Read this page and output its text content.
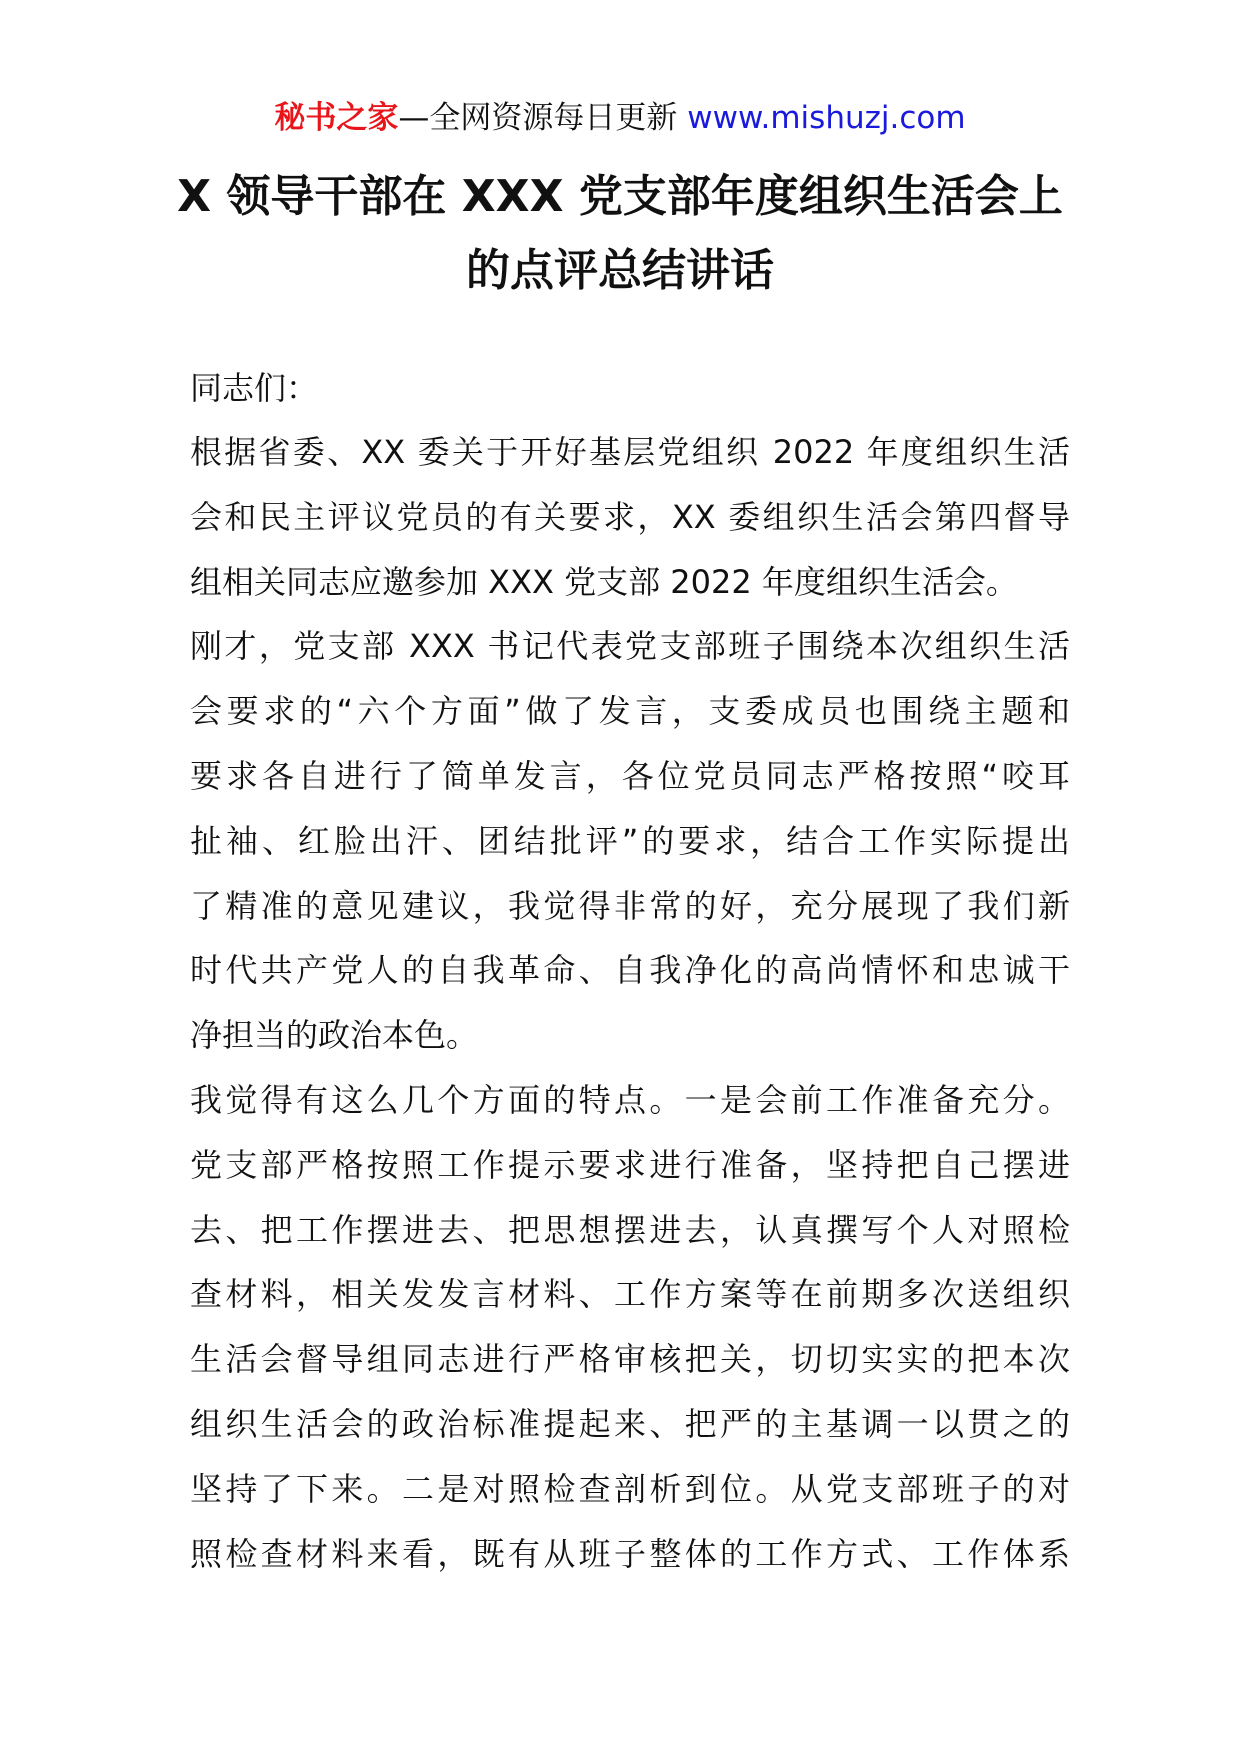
秘书之家—全网资源每日更新 www.mishuzj.com
X 领导干部在 XXX 党支部年度组织生活会上
的点评总结讲话
同志们：
根据省委、XX 委关于开好基层党组织 2022 年度组织生活
会和民主评议党员的有关要求，XX 委组织生活会第四督导
组相关同志应邀参加 XXX 党支部 2022 年度组织生活会。
刚才，党支部 XXX 书记代表党支部班子围绕本次组织生活
会要求的“六个方面”做了发言，支委成员也围绕主题和
要求各自进行了简单发言，各位党员同志严格按照“咬耳
扯袖、红脸出汗、团结批评”的要求，结合工作实际提出
了精准的意见建议，我觉得非常的好，充分展现了我们新
时代共产党人的自我革命、自我净化的高尚情怀和忠诚干
净担当的政治本色。
我觉得有这么几个方面的特点。一是会前工作准备充分。
党支部严格按照工作提示要求进行准备，坚持把自己摆进
去、把工作摆进去、把思想摆进去，认真撰写个人对照检
查材料，相关发发言材料、工作方案等在前期多次送组织
生活会督导组同志进行严格审核把关，切切实实的把本次
组织生活会的政治标准提起来、把严的主基调一以贯之的
坚持了下来。二是对照检查剖析到位。从党支部班子的对
照检查材料来看，既有从班子整体的工作方式、工作体系
